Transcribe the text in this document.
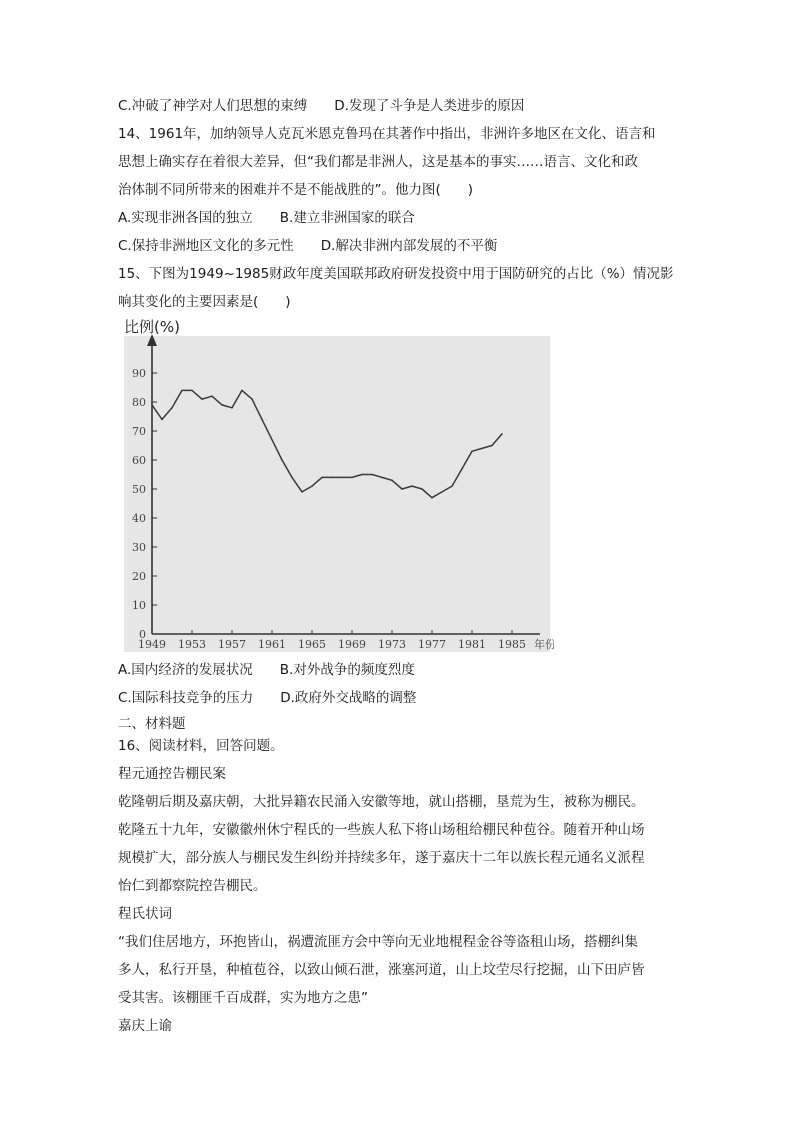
C.冲破了神学对人们思想的束缚　　D.发现了斗争是人类进步的原因
14、1961年，加纳领导人克瓦米恩克鲁玛在其著作中指出，非洲许多地区在文化、语言和
思想上确实存在着很大差异，但“我们都是非洲人，这是基本的事实……语言、文化和政
治体制不同所带来的困难并不是不能战胜的”。他力图(　　)
A.实现非洲各国的独立　　B.建立非洲国家的联合
C.保持非洲地区文化的多元性　　D.解决非洲内部发展的不平衡
15、下图为1949~1985财政年度美国联邦政府研发投资中用于国防研究的占比（%）情况影
响其变化的主要因素是(　　)
比例(%)
0
10
20
30
40
50
60
70
80
90
1949 1953 1957 1961 1965 1969 1973 1977 1981 1985 年份
A.国内经济的发展状况　　B.对外战争的频度烈度
C.国际科技竞争的压力　　D.政府外交战略的调整
二、材料题
16、阅读材料，回答问题。
程元通控告棚民案
乾隆朝后期及嘉庆朝，大批异籍农民涌入安徽等地，就山搭棚，垦荒为生，被称为棚民。
乾隆五十九年，安徽徽州休宁程氏的一些族人私下将山场租给棚民种苞谷。随着开种山场
规模扩大，部分族人与棚民发生纠纷并持续多年，遂于嘉庆十二年以族长程元通名义派程
怡仁到都察院控告棚民。
程氏状词
“我们住居地方，环抱皆山，祸遭流匪方会中等向无业地棍程金谷等盗租山场，搭棚纠集
多人，私行开垦，种植苞谷，以致山倾石泄，涨塞河道，山上坟茔尽行挖掘，山下田庐皆
受其害。该棚匪千百成群，实为地方之患”
嘉庆上谕
